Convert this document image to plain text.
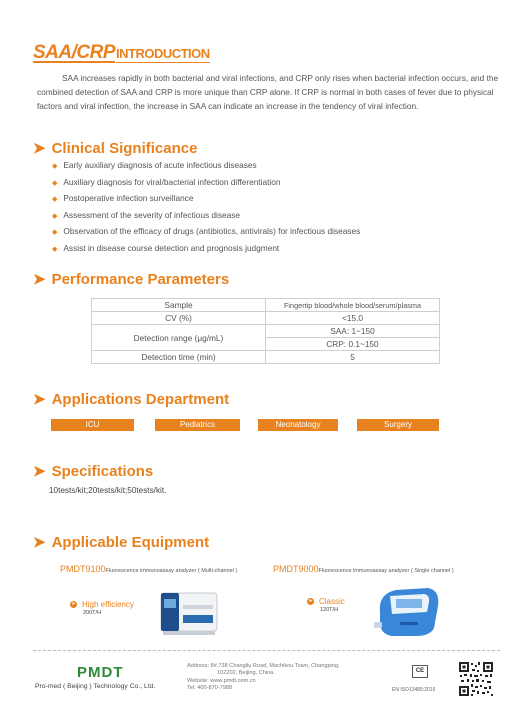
SAA/CRPINTRODUCTION
SAA increases rapidly in both bacterial and viral infections, and CRP only rises when bacterial infection occurs, and the combined detection of SAA and CRP is more unique than CRP alone. If CRP is normal in both cases of fever due to physical factors and viral infection, the increase in SAA can indicate an increase in the tendency of viral infection.
➤ Clinical Significance
◆ Early auxiliary diagnosis of acute infectious diseases
◆ Auxiliary diagnosis for viral/bacterial infection differentiation
◆ Postoperative infection surveillance
◆ Assessment of the severity of infectious disease
◆ Observation of the efficacy of drugs (antibiotics, antivirals) for infectious diseases
◆ Assist in disease course detection and prognosis judgment
➤ Performance Parameters
Sample	Fingertip blood/whole blood/serum/plasma
CV (%)	<15.0
Detection range (μg/mL)	SAA: 1~150
	CRP: 0.1~150
Detection time (min)	5
➤ Applications Department
ICU	Pediatrics	Neonatology	Surgery
➤ Specifications
10tests/kit;20tests/kit;50tests/kit.
➤ Applicable Equipment
PMDT9100Fluorescence immunoassay analyzer ( Multi-channel )	PMDT9000Fluorescence immunoassay analyzer ( Single channel )
➤ High efficiency
200T/H
➤ Classic
120T/H
PMDT
Pro-med ( Beijing ) Technology Co., Ltd.
Address: 8#,738 Changliu Road, Machikou Town, Changping,
102202, Beijing, China.
Website: www.pmdt.com.cn
Tel: 400-870-7988
CE
EN ISO13485:2016
